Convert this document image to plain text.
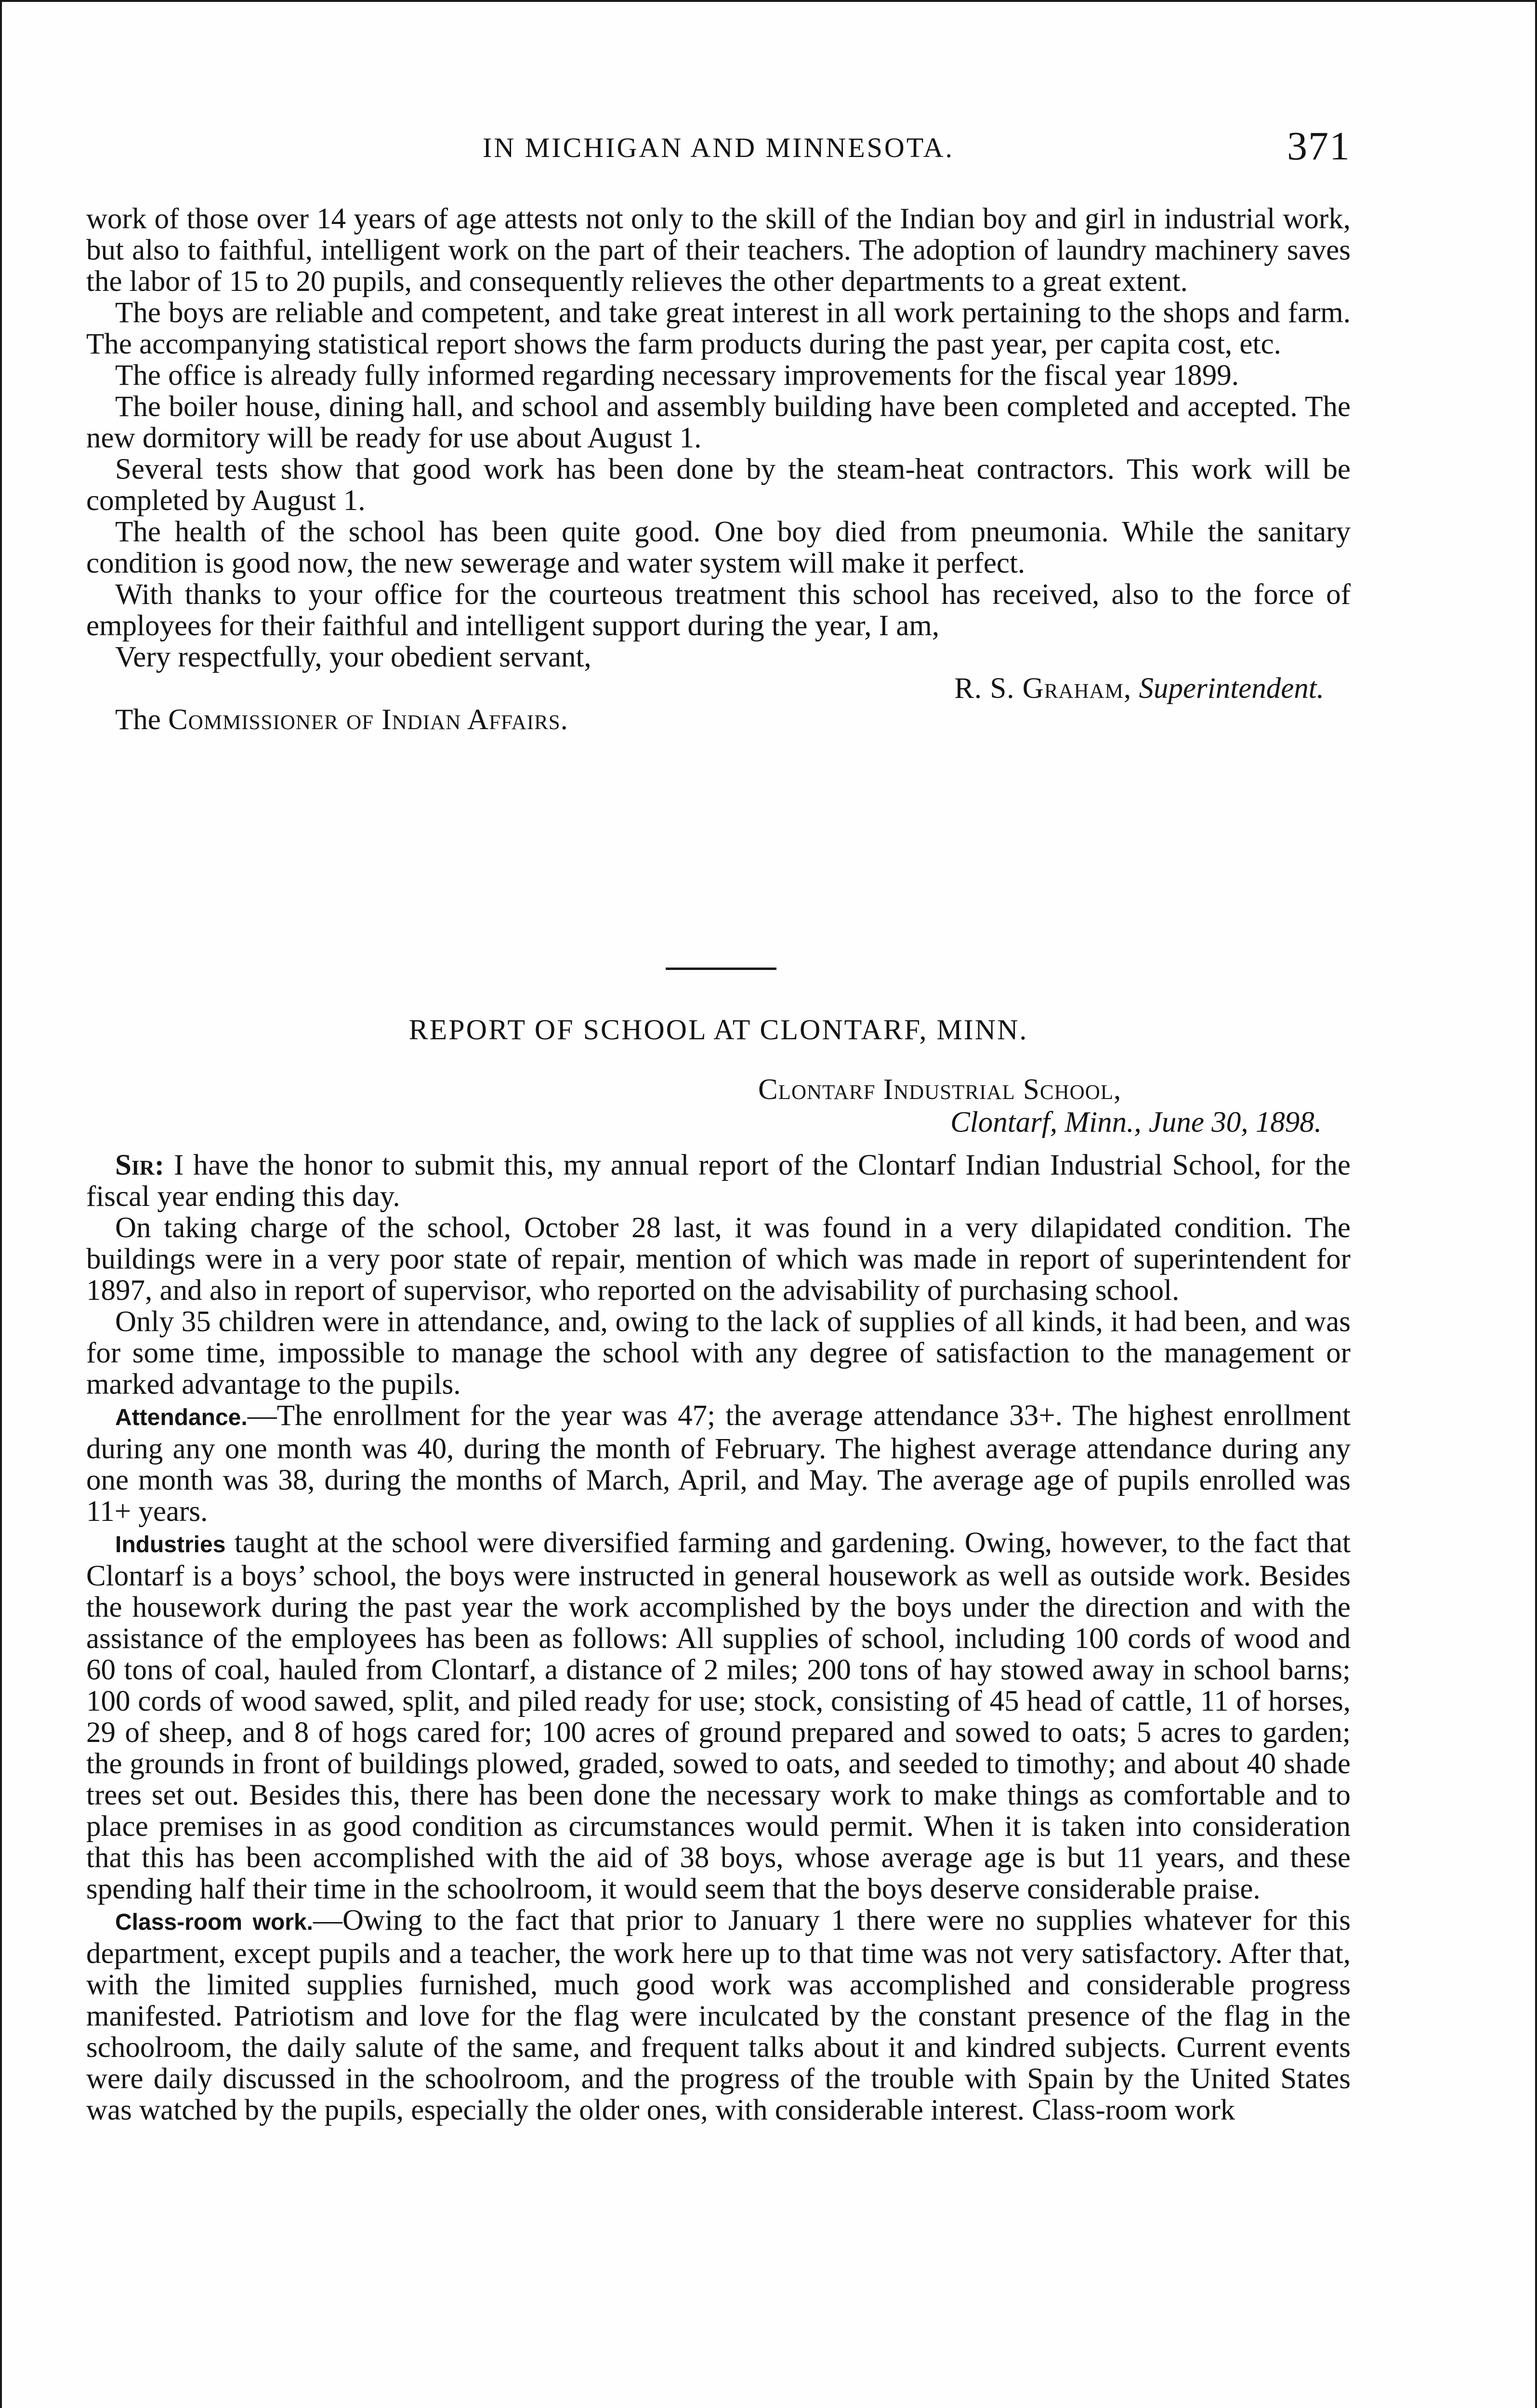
IN MICHIGAN AND MINNESOTA.	371

work of those over 14 years of age attests not only to the skill of the Indian boy and girl in industrial work, but also to faithful, intelligent work on the part of their teachers. The adoption of laundry machinery saves the labor of 15 to 20 pupils, and consequently relieves the other departments to a great extent.

The boys are reliable and competent, and take great interest in all work pertaining to the shops and farm. The accompanying statistical report shows the farm products during the past year, per capita cost, etc.

The office is already fully informed regarding necessary improvements for the fiscal year 1899.

The boiler house, dining hall, and school and assembly building have been completed and accepted. The new dormitory will be ready for use about August 1.

Several tests show that good work has been done by the steam-heat contractors. This work will be completed by August 1.

The health of the school has been quite good. One boy died from pneumonia. While the sanitary condition is good now, the new sewerage and water system will make it perfect.

With thanks to your office for the courteous treatment this school has received, also to the force of employees for their faithful and intelligent support during the year, I am,

Very respectfully, your obedient servant,

R. S. Graham, Superintendent.

The Commissioner of Indian Affairs.

REPORT OF SCHOOL AT CLONTARF, MINN.
Clontarf Industrial School,
Clontarf, Minn., June 30, 1898.

Sir: I have the honor to submit this, my annual report of the Clontarf Indian Industrial School, for the fiscal year ending this day.

On taking charge of the school, October 28 last, it was found in a very dilapidated condition. The buildings were in a very poor state of repair, mention of which was made in report of superintendent for 1897, and also in report of supervisor, who reported on the advisability of purchasing school.

Only 35 children were in attendance, and, owing to the lack of supplies of all kinds, it had been, and was for some time, impossible to manage the school with any degree of satisfaction to the management or marked advantage to the pupils.

Attendance.—The enrollment for the year was 47; the average attendance 33+. The highest enrollment during any one month was 40, during the month of February. The highest average attendance during any one month was 38, during the months of March, April, and May. The average age of pupils enrolled was 11+ years.

Industries taught at the school were diversified farming and gardening. Owing, however, to the fact that Clontarf is a boys’ school, the boys were instructed in general housework as well as outside work. Besides the housework during the past year the work accomplished by the boys under the direction and with the assistance of the employees has been as follows: All supplies of school, including 100 cords of wood and 60 tons of coal, hauled from Clontarf, a distance of 2 miles; 200 tons of hay stowed away in school barns; 100 cords of wood sawed, split, and piled ready for use; stock, consisting of 45 head of cattle, 11 of horses, 29 of sheep, and 8 of hogs cared for; 100 acres of ground prepared and sowed to oats; 5 acres to garden; the grounds in front of buildings plowed, graded, sowed to oats, and seeded to timothy; and about 40 shade trees set out. Besides this, there has been done the necessary work to make things as comfortable and to place premises in as good condition as circumstances would permit. When it is taken into consideration that this has been accomplished with the aid of 38 boys, whose average age is but 11 years, and these spending half their time in the schoolroom, it would seem that the boys deserve considerable praise.

Class-room work.—Owing to the fact that prior to January 1 there were no supplies whatever for this department, except pupils and a teacher, the work here up to that time was not very satisfactory. After that, with the limited supplies furnished, much good work was accomplished and considerable progress manifested. Patriotism and love for the flag were inculcated by the constant presence of the flag in the schoolroom, the daily salute of the same, and frequent talks about it and kindred subjects. Current events were daily discussed in the schoolroom, and the progress of the trouble with Spain by the United States was watched by the pupils, especially the older ones, with considerable interest. Class-room work
